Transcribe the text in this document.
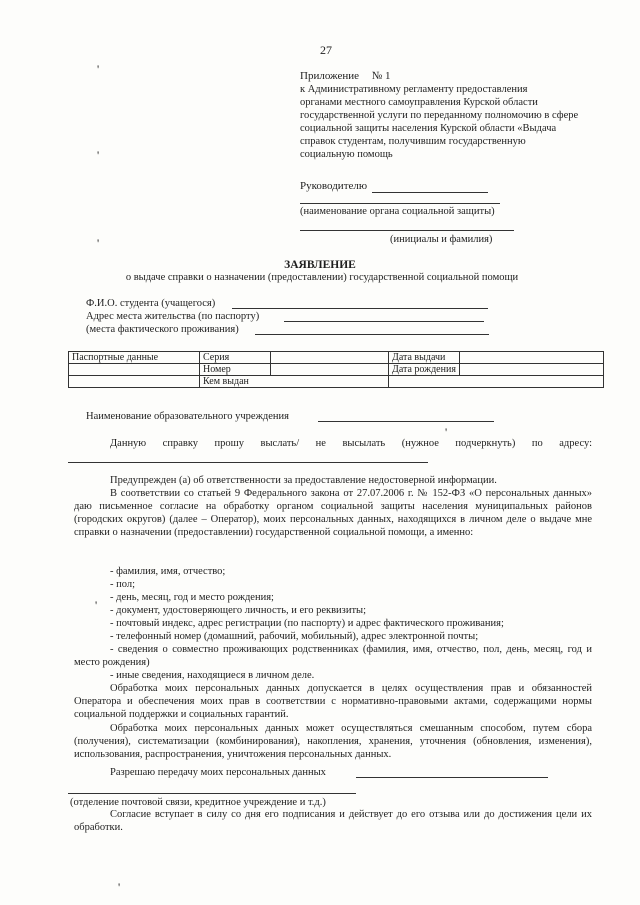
27
'
'
'
'
'
'
Приложение № 1
к Административному регламенту предоставления
органами местного самоуправления Курской области
государственной услуги по переданному полномочию в сфере
социальной защиты населения Курской области «Выдача
справок студентам, получившим государственную
социальную помощь
Руководителю
(наименование органа социальной защиты)
(инициалы и фамилия)
ЗАЯВЛЕНИЕ
о выдаче справки о назначении (предоставлении) государственной социальной помощи
Ф.И.О. студента (учащегося)
Адрес места жительства (по паспорту)
(места фактического проживания)
Паспортные данные	Серия		Дата выдачи	
	Номер		Дата рождения	
	Кем выдан			
Наименование образовательного учреждения
Данную справку прошу выслать/ не высылать (нужное подчеркнуть) по адресу:
Предупрежден (а) об ответственности за предоставление недостоверной информации.
В соответствии со статьей 9 Федерального закона от 27.07.2006 г. № 152-ФЗ «О персональных данных» даю письменное согласие на обработку органом социальной защиты населения муниципальных районов (городских округов) (далее – Оператор), моих персональных данных, находящихся в личном деле о выдаче мне справки о назначении (предоставлении) государственной социальной помощи, а именно:
- фамилия, имя, отчество;
- пол;
- день, месяц, год и место рождения;
- документ, удостоверяющего личность, и его реквизиты;
- почтовый индекс, адрес регистрации (по паспорту) и адрес фактического проживания;
- телефонный номер (домашний, рабочий, мобильный), адрес электронной почты;
- сведения о совместно проживающих родственниках (фамилия, имя, отчество, пол, день, месяц, год и место рождения)
- иные сведения, находящиеся в личном деле.
Обработка моих персональных данных допускается в целях осуществления прав и обязанностей Оператора и обеспечения моих прав в соответствии с нормативно-правовыми актами, содержащими нормы социальной поддержки и социальных гарантий.
Обработка моих персональных данных может осуществляться смешанным способом, путем сбора (получения), систематизации (комбинирования), накопления, хранения, уточнения (обновления, изменения), использования, распространения, уничтожения персональных данных.
Разрешаю передачу моих персональных данных
(отделение почтовой связи, кредитное учреждение и т.д.)
Согласие вступает в силу со дня его подписания и действует до его отзыва или до достижения цели их обработки.
